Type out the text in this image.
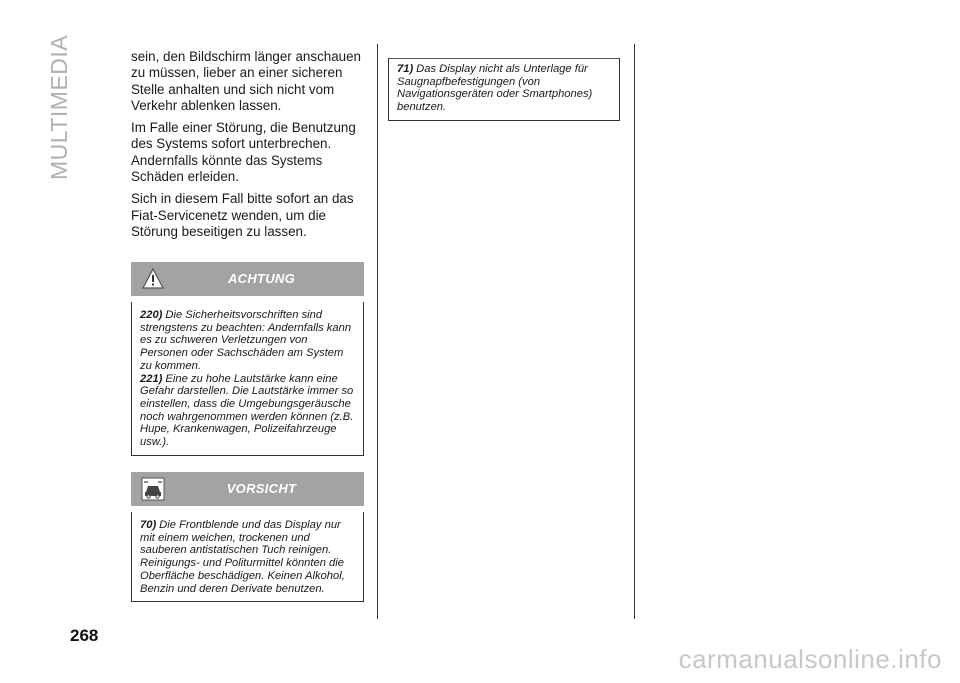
MULTIMEDIA	sein, den Bildschirm länger anschauen zu müssen, lieber an einer sicheren Stelle anhalten und sich nicht vom Verkehr ablenken lassen.

Im Falle einer Störung, die Benutzung des Systems sofort unterbrechen. Andernfalls könnte das Systems Schäden erleiden.

Sich in diesem Fall bitte sofort an das Fiat-Servicenetz wenden, um die Störung beseitigen zu lassen.

ACHTUNG

220) Die Sicherheitsvorschriften sind strengstens zu beachten: Andernfalls kann es zu schweren Verletzungen von Personen oder Sachschäden am System zu kommen.

221) Eine zu hohe Lautstärke kann eine Gefahr darstellen. Die Lautstärke immer so einstellen, dass die Umgebungsgeräusche noch wahrgenommen werden können (z.B. Hupe, Krankenwagen, Polizeifahrzeuge usw.).

VORSICHT

70) Die Frontblende und das Display nur mit einem weichen, trockenen und sauberen antistatischen Tuch reinigen. Reinigungs- und Politurmittel könnten die Oberfläche beschädigen. Keinen Alkohol, Benzin und deren Derivate benutzen.

71) Das Display nicht als Unterlage für Saugnapfbefestigungen (von Navigationsgeräten oder Smartphones) benutzen.

268
carmanualsonline.info
